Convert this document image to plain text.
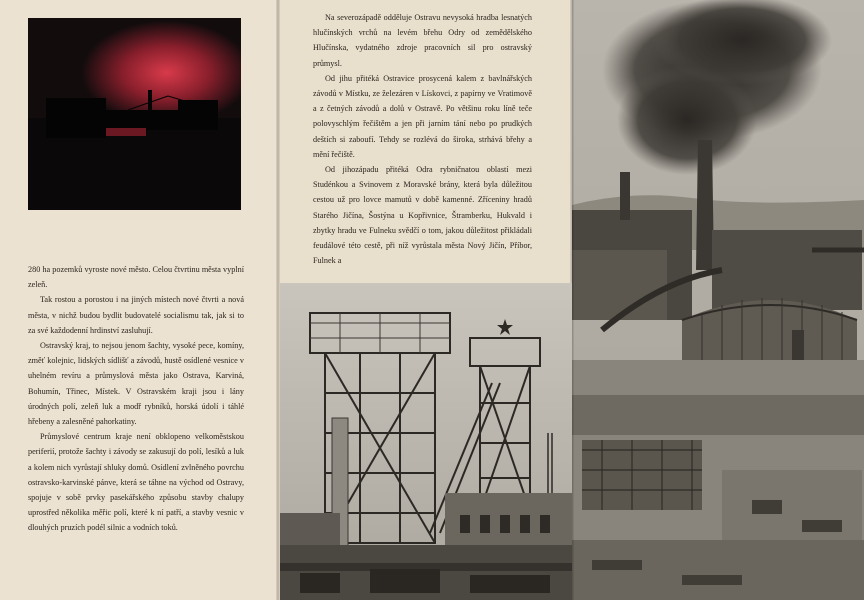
280 ha pozemků vyroste nové město. Celou čtvrtinu města vyplní zeleň.

Tak rostou a porostou i na jiných místech nové čtvrti a nová města, v nichž budou bydlit budovatelé socialismu tak, jak si to za své každodenní hrdinství zasluhují.

Ostravský kraj, to nejsou jenom šachty, vysoké pece, komíny, změť kolejnic, lidských sídlišť a závodů, hustě osídlené vesnice v uhelném revíru a průmyslová města jako Ostrava, Karviná, Bohumín, Třinec, Místek. V Ostravském kraji jsou i lány úrodných polí, zeleň luk a modř rybníků, horská údolí i táhlé hřebeny a zalesněné pahorkatiny.

Průmyslové centrum kraje není obklopeno velkoměstskou periferií, protože šachty i závody se zakusují do polí, lesíků a luk a kolem nich vyrůstají shluky domů. Osídlení zvlněného povrchu ostravsko-karvinské pánve, která se táhne na východ od Ostravy, spojuje v sobě prvky pasekářského způsobu stavby chalupy uprostřed několika měřic polí, které k ní patří, a stavby vesnic v dlouhých pruzích podél silnic a vodních toků.

Na severozápadě odděluje Ostravu nevysoká hradba lesnatých hlučínských vrchů na levém břehu Odry od zemědělského Hlučínska, vydatného zdroje pracovních sil pro ostravský průmysl.

Od jihu přitéká Ostravice prosycená kalem z bavlnářských závodů v Místku, ze železáren v Lískovci, z papírny ve Vratimově a z četných závodů a dolů v Ostravě. Po většinu roku líně teče polovyschlým řečištěm a jen při jarním tání nebo po prudkých deštích si zaboufí. Tehdy se rozlévá do široka, strhává břehy a mění řečiště.

Od jihozápadu přitéká Odra rybničnatou oblastí mezi Studénkou a Svinovem z Moravské brány, která byla důležitou cestou už pro lovce mamutů v době kamenné. Zříceniny hradů Starého Jičína, Šostýna u Kopřivnice, Štramberku, Hukvald i zbytky hradu ve Fulneku svědčí o tom, jakou důležitost přikládali feudálové této cestě, při níž vyrůstala města Nový Jičín, Příbor, Fulnek a
